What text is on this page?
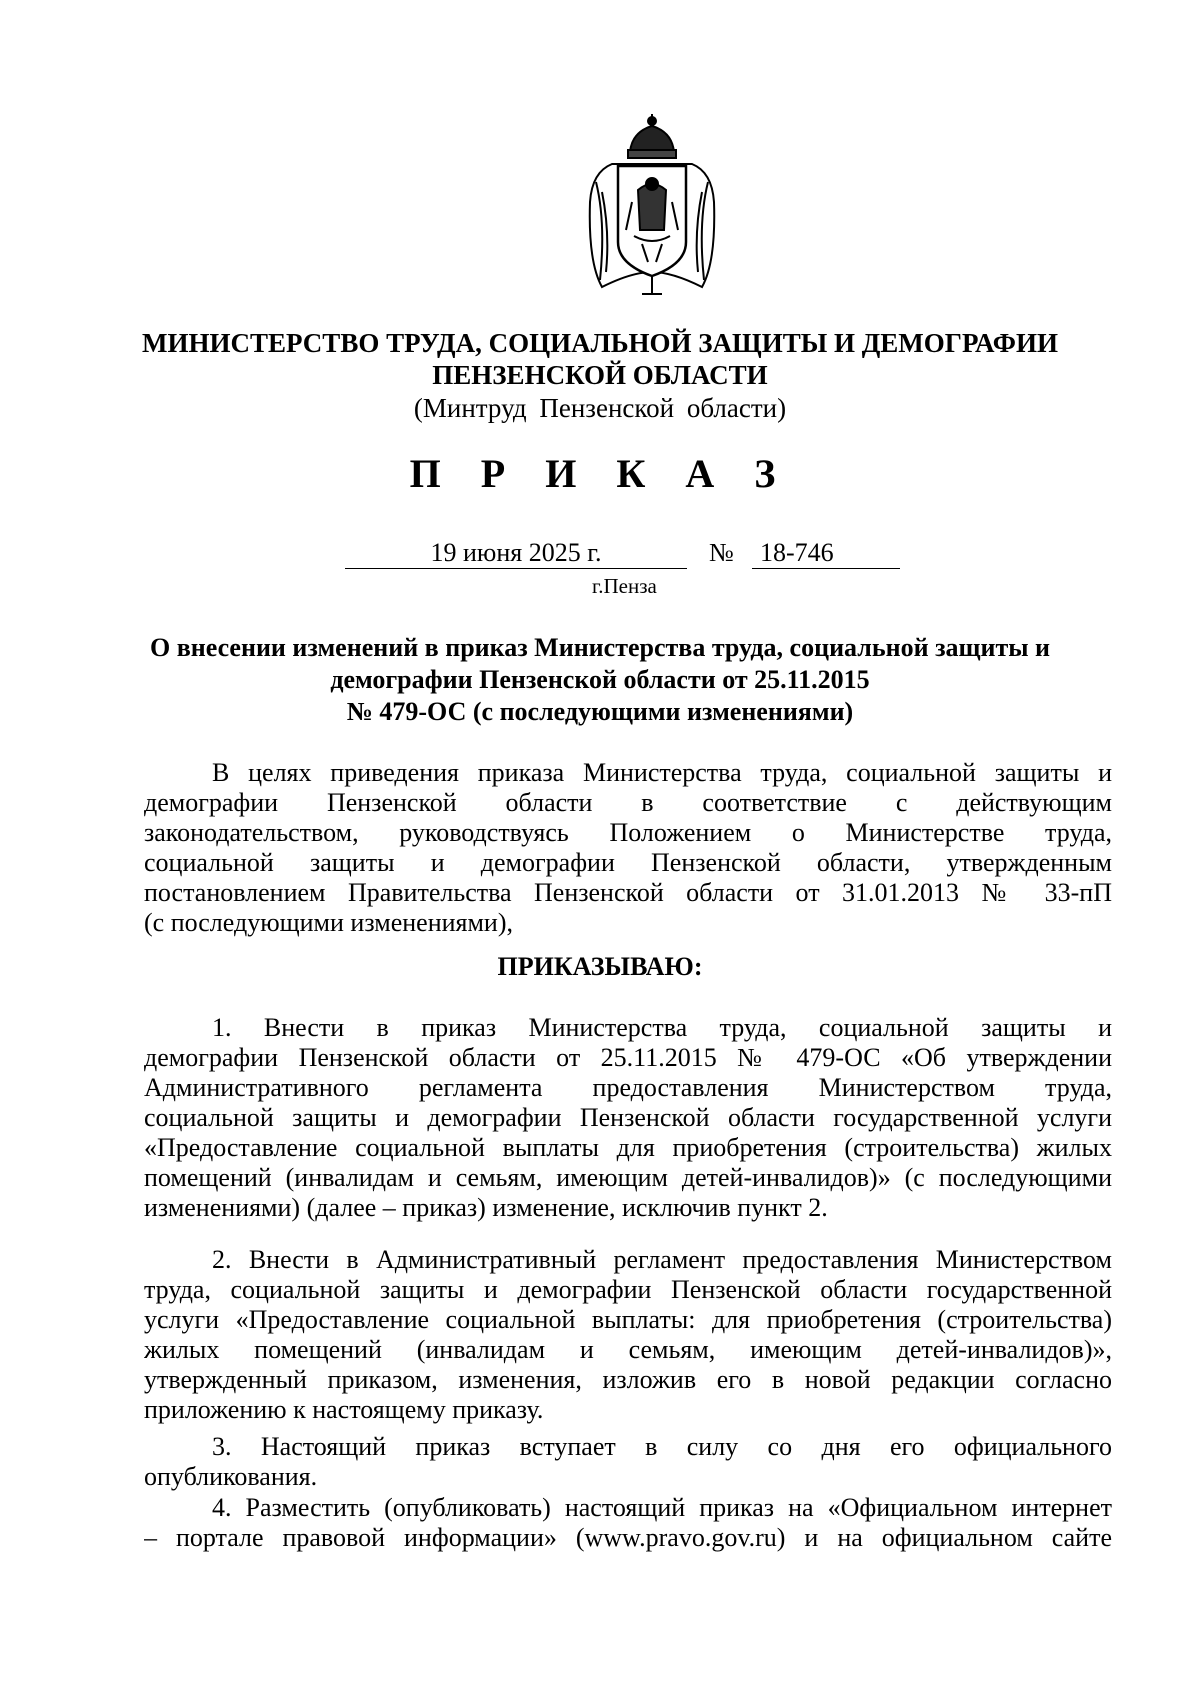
МИНИСТЕРСТВО ТРУДА, СОЦИАЛЬНОЙ ЗАЩИТЫ И ДЕМОГРАФИИ
ПЕНЗЕНСКОЙ ОБЛАСТИ
(Минтруд Пензенской области)
П Р И К А З
19 июня 2025 г.	№ 18-746
г.Пенза
О внесении изменений в приказ Министерства труда, социальной защиты и
демографии Пензенской области от 25.11.2015
№ 479-ОС (с последующими изменениями)
В целях приведения приказа Министерства труда, социальной защиты и
демографии Пензенской области в соответствие с действующим
законодательством, руководствуясь Положением о Министерстве труда,
социальной защиты и демографии Пензенской области, утвержденным
постановлением Правительства Пензенской области от 31.01.2013 № 33-пП
(с последующими изменениями),
ПРИКАЗЫВАЮ:
1. Внести в приказ Министерства труда, социальной защиты и
демографии Пензенской области от 25.11.2015 № 479-ОС «Об утверждении
Административного регламента предоставления Министерством труда,
социальной защиты и демографии Пензенской области государственной услуги
«Предоставление социальной выплаты для приобретения (строительства) жилых
помещений (инвалидам и семьям, имеющим детей-инвалидов)» (с последующими
изменениями) (далее – приказ) изменение, исключив пункт 2.
2. Внести в Административный регламент предоставления Министерством
труда, социальной защиты и демографии Пензенской области государственной
услуги «Предоставление социальной выплаты: для приобретения (строительства)
жилых помещений (инвалидам и семьям, имеющим детей-инвалидов)»,
утвержденный приказом, изменения, изложив его в новой редакции согласно
приложению к настоящему приказу.
3. Настоящий приказ вступает в силу со дня его официального
опубликования.
4. Разместить (опубликовать) настоящий приказ на «Официальном интернет
– портале правовой информации» (www.pravo.gov.ru) и на официальном сайте
